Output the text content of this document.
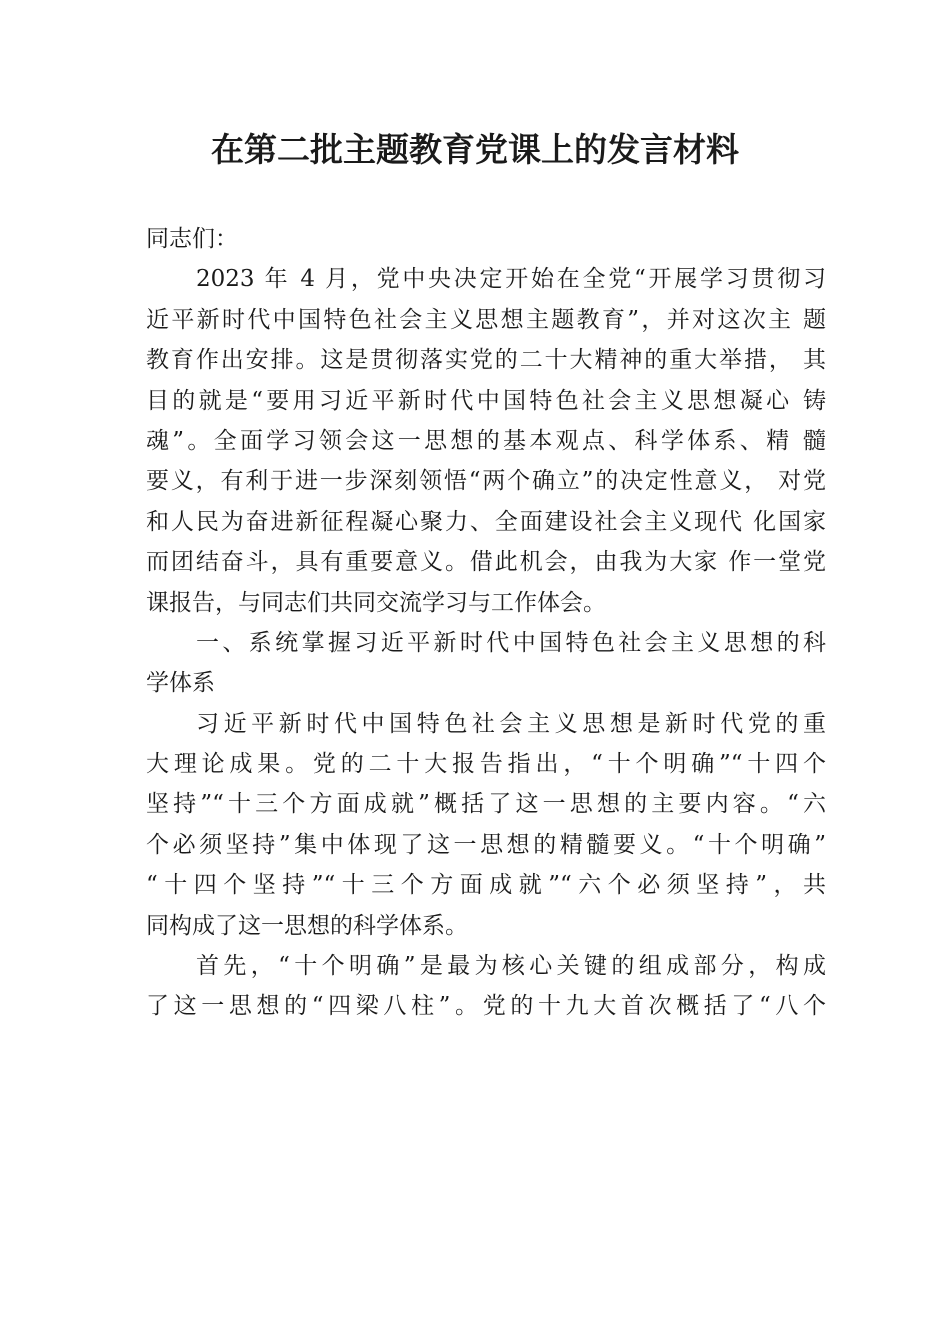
在第二批主题教育党课上的发言材料

同志们：

2023 年 4 月，党中央决定开始在全党“开展学习贯彻习
近平新时代中国特色社会主义思想主题教育”，并对这次主 题
教育作出安排。这是贯彻落实党的二十大精神的重大举措， 其
目的就是“要用习近平新时代中国特色社会主义思想凝心 铸
魂”。全面学习领会这一思想的基本观点、科学体系、精 髓
要义，有利于进一步深刻领悟“两个确立”的决定性意义， 对党
和人民为奋进新征程凝心聚力、全面建设社会主义现代 化国家
而团结奋斗，具有重要意义。借此机会，由我为大家 作一堂党
课报告，与同志们共同交流学习与工作体会。

一、系统掌握习近平新时代中国特色社会主义思想的科
学体系

习近平新时代中国特色社会主义思想是新时代党的重
大理论成果。党的二十大报告指出，“十个明确”“十四个
坚持”“十三个方面成就”概括了这一思想的主要内容。“六
个必须坚持”集中体现了这一思想的精髓要义。“十个明确”
“十四个坚持”“十三个方面成就”“六个必须坚持”，共
同构成了这一思想的科学体系。

首先，“十个明确”是最为核心关键的组成部分，构成
了这一思想的“四梁八柱”。党的十九大首次概括了“八个
